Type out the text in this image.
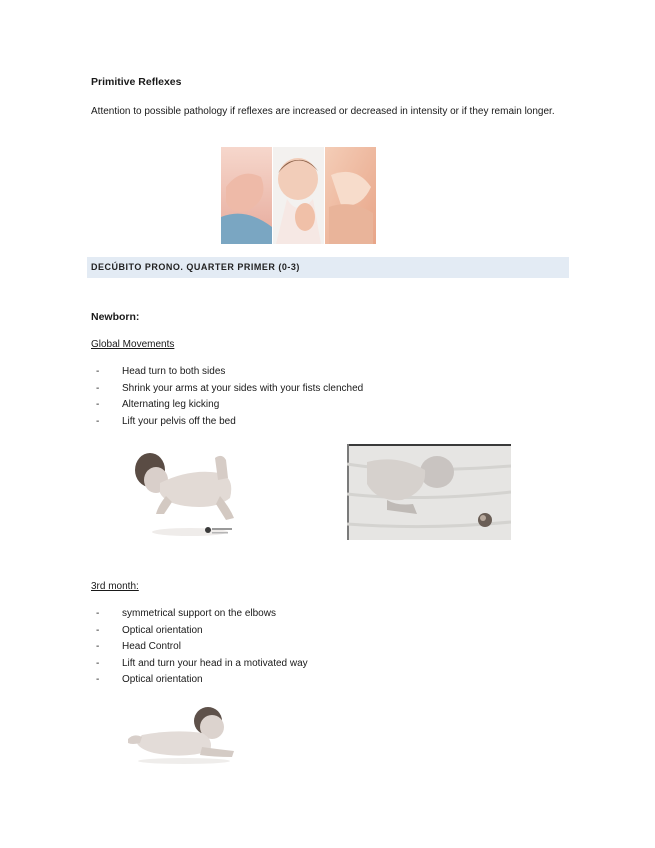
Primitive Reflexes
Attention to possible pathology if reflexes are increased or decreased in intensity or if they remain longer.
DECÚBITO PRONO. QUARTER PRIMER (0-3)
Newborn:
Global Movements
- Head turn to both sides
- Shrink your arms at your sides with your fists clenched
- Alternating leg kicking
- Lift your pelvis off the bed
3rd month:
- symmetrical support on the elbows
- Optical orientation
- Head Control
- Lift and turn your head in a motivated way
- Optical orientation
